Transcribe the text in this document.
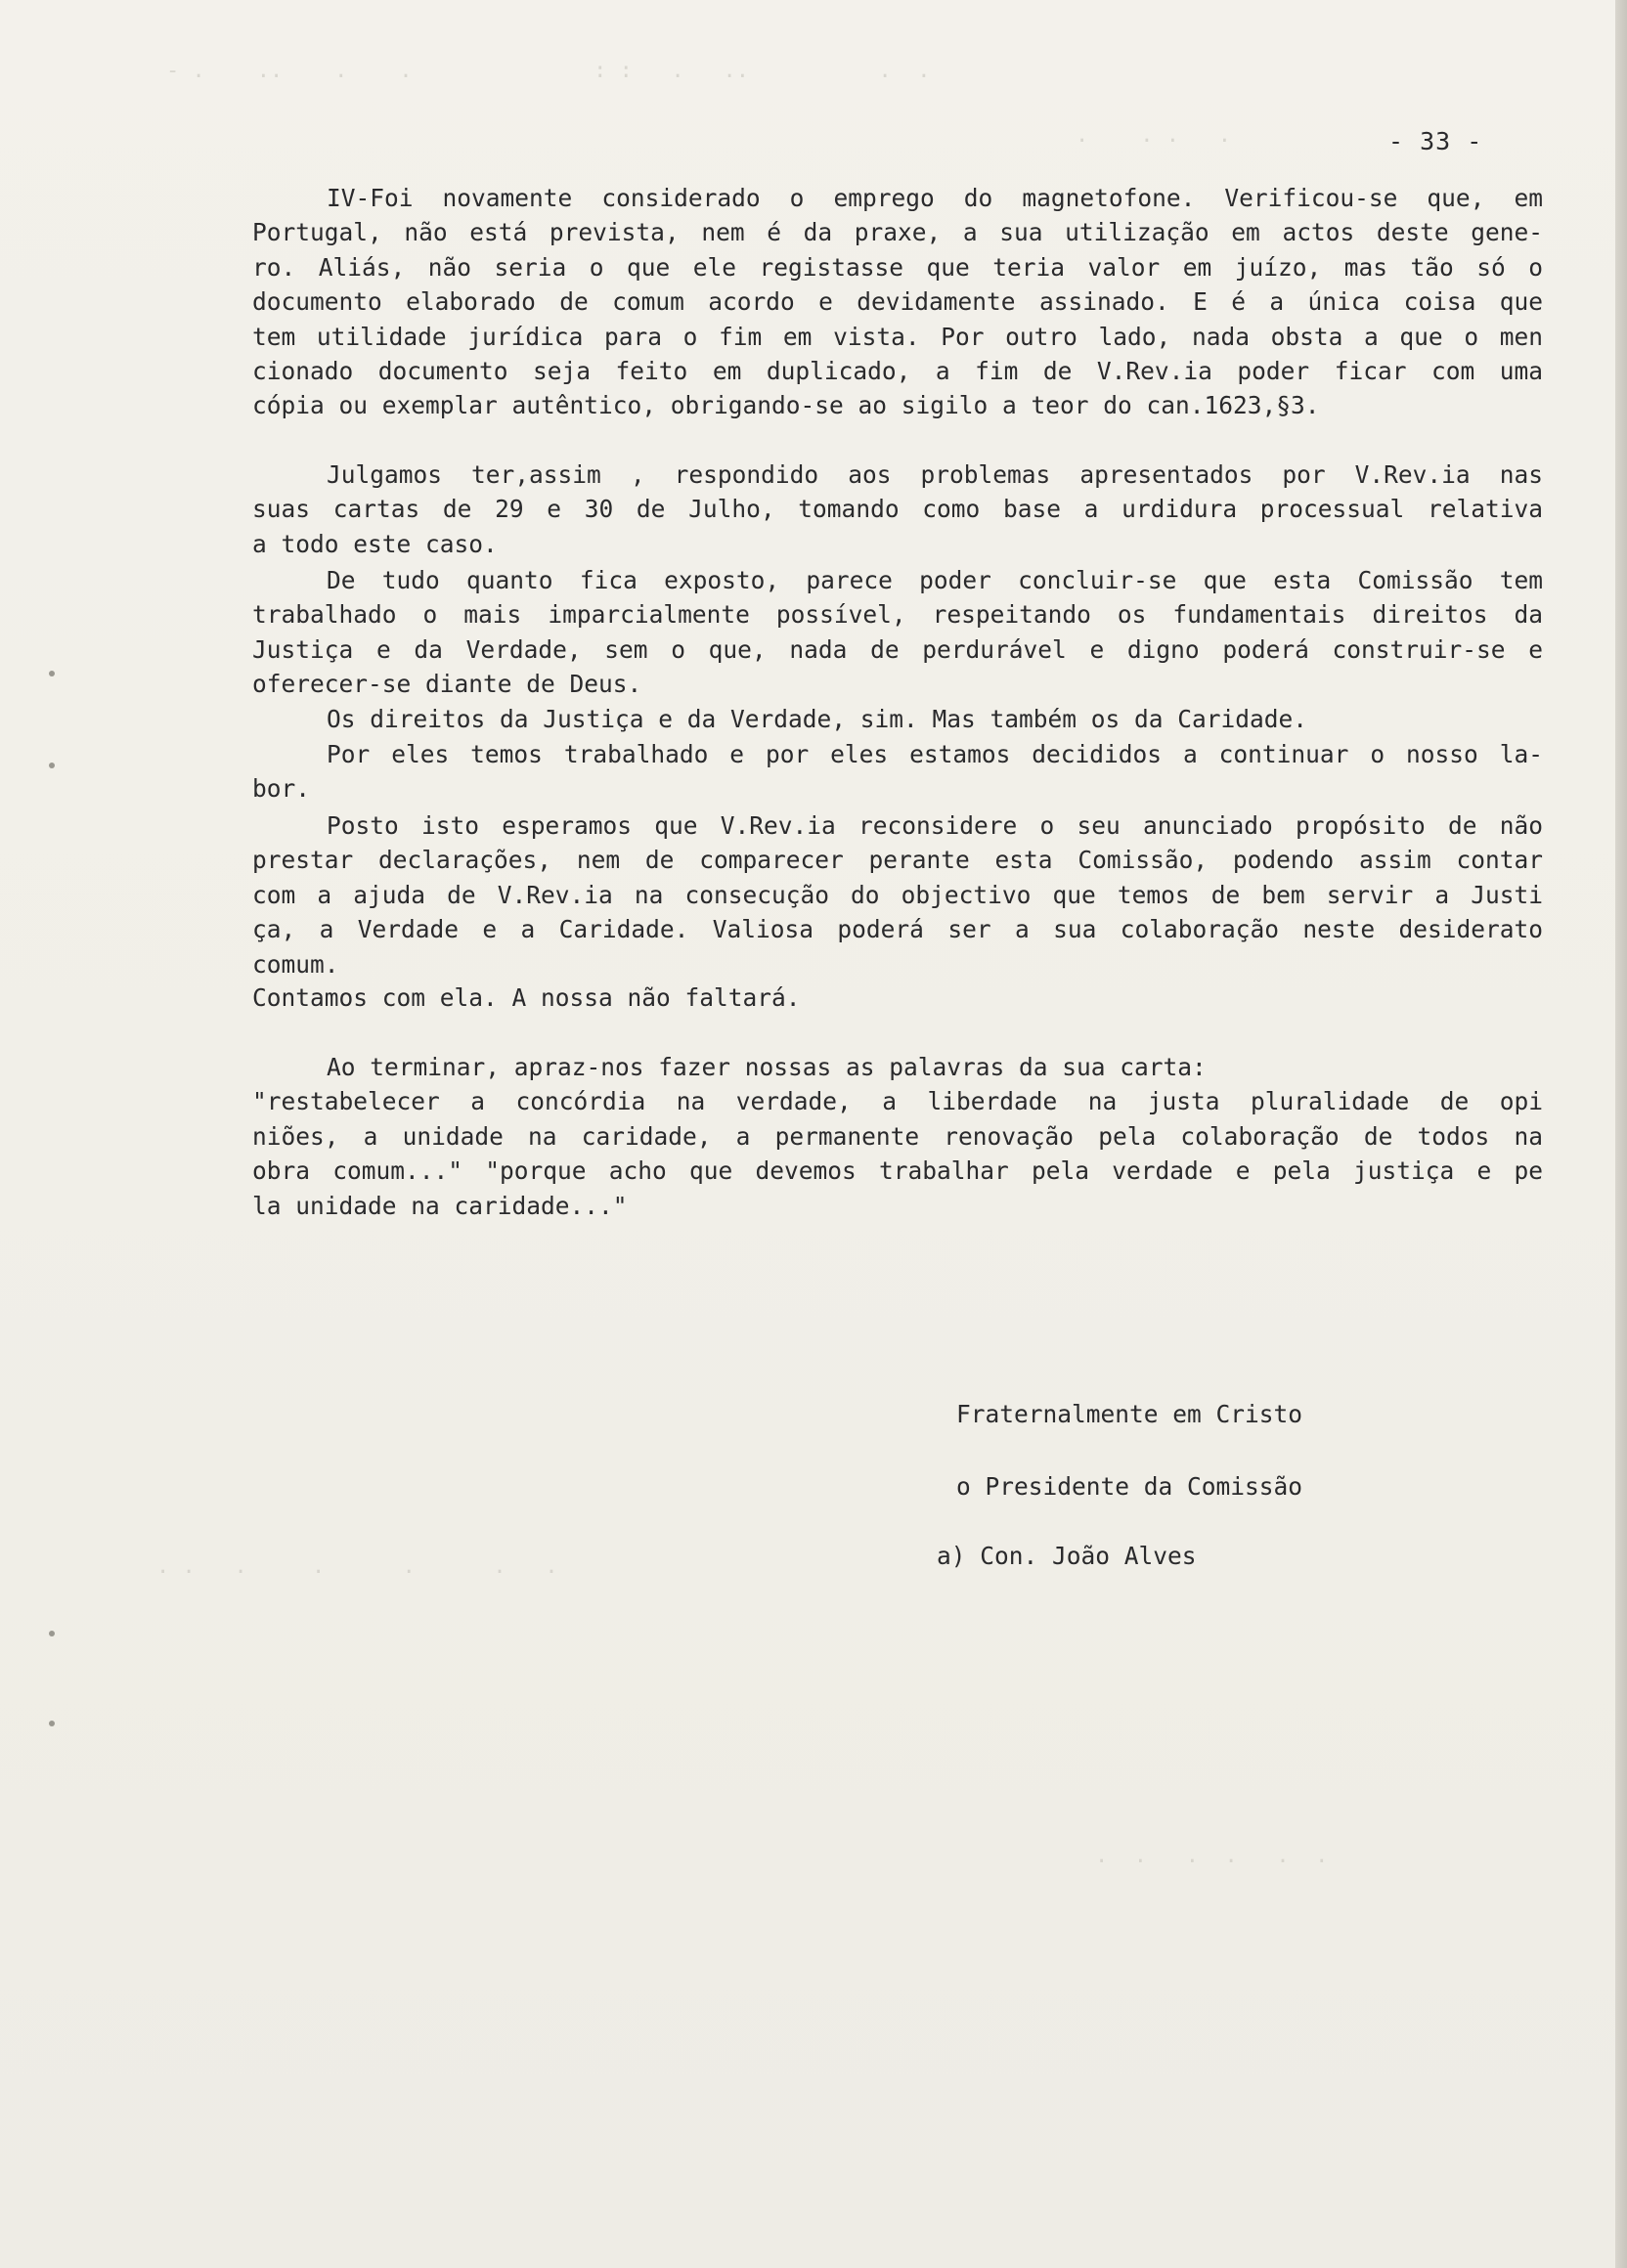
- .    ..    .    .              : :   .   ..          .  .
.    . .   .
. .   .     .      .      .   .
.  .   .  .   .  .
- 33 -
IV-Foi novamente considerado o emprego do magnetofone. Verificou-se que, em
Portugal, não está prevista, nem é da praxe, a sua utilização em actos deste gene-
ro. Aliás, não seria o que ele registasse que teria valor em juízo, mas tão só o
documento elaborado de comum acordo e devidamente assinado. E é a única coisa que
tem utilidade jurídica para o fim em vista. Por outro lado, nada obsta a que o men
cionado documento seja feito em duplicado, a fim de V.Rev.ia poder ficar com uma
cópia ou exemplar autêntico, obrigando-se ao sigilo a teor do can.1623,§3.
Julgamos ter,assim , respondido aos problemas apresentados por V.Rev.ia nas
suas cartas de 29 e 30 de Julho, tomando como base a urdidura processual relativa
a todo este caso.
De tudo quanto fica exposto, parece poder concluir-se que esta Comissão tem
trabalhado o mais imparcialmente possível, respeitando os fundamentais direitos da
Justiça e da Verdade, sem o que, nada de perdurável e digno poderá construir-se e
oferecer-se diante de Deus.
Os direitos da Justiça e da Verdade, sim. Mas também os da Caridade.
Por eles temos trabalhado e por eles estamos decididos a continuar o nosso la-
bor.
Posto isto esperamos que V.Rev.ia reconsidere o seu anunciado propósito de não
prestar declarações, nem de comparecer perante esta Comissão, podendo assim contar
com a ajuda de V.Rev.ia na consecução do objectivo que temos de bem servir a Justi
ça, a Verdade e a Caridade. Valiosa poderá ser a sua colaboração neste desiderato
comum.
Contamos com ela. A nossa não faltará.
Ao terminar, apraz-nos fazer nossas as palavras da sua carta:
"restabelecer a concórdia na verdade, a liberdade na justa pluralidade de opi
niões, a unidade na caridade, a permanente renovação pela colaboração de todos na
obra comum..." "porque acho que devemos trabalhar pela verdade e pela justiça e pe
la unidade na caridade..."
Fraternalmente em Cristo
o Presidente da Comissão
a) Con. João Alves
